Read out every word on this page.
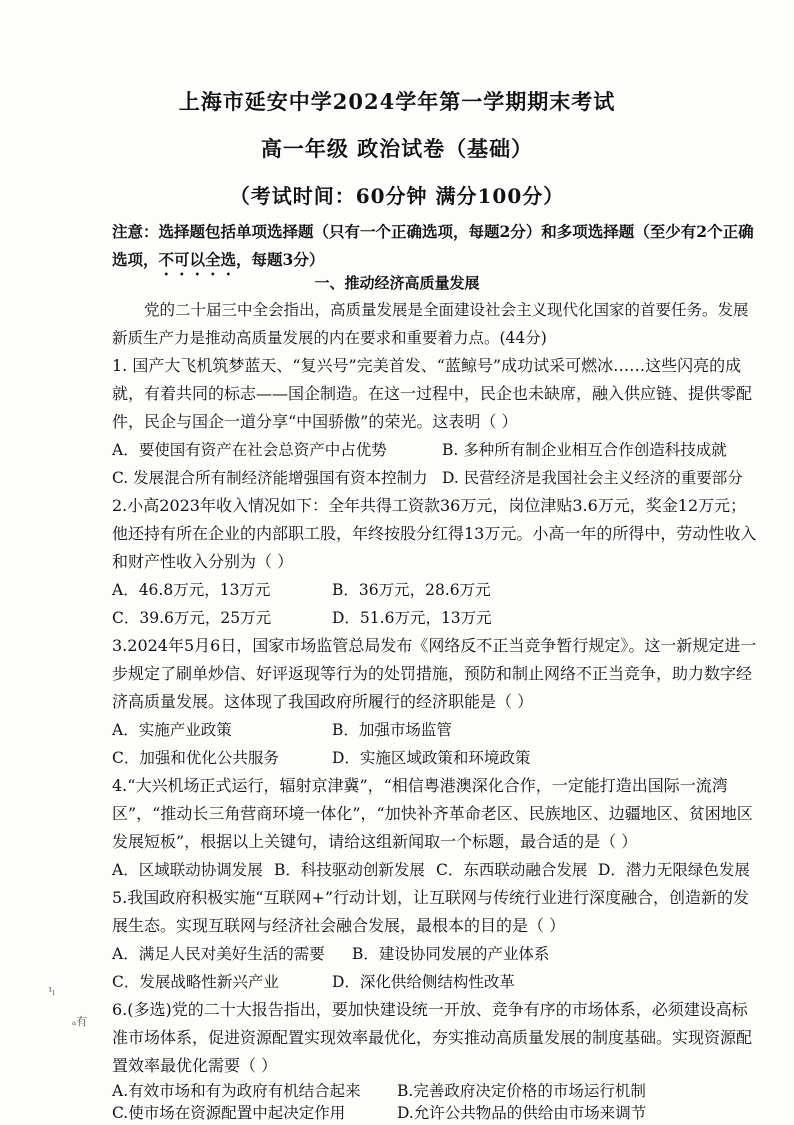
上海市延安中学2024学年第一学期期末考试
高一年级 政治试卷（基础）
（考试时间：60分钟 满分100分）
注意：选择题包括单项选择题（只有一个正确选项，每题2分）和多项选择题（至少有2个正确选项，不可以全选，每题3分）
一、推动经济高质量发展
党的二十届三中全会指出，高质量发展是全面建设社会主义现代化国家的首要任务。发展新质生产力是推动高质量发展的内在要求和重要着力点。(44分)
1. 国产大飞机筑梦蓝天、“复兴号”完美首发、“蓝鲸号”成功试采可燃冰……这些闪亮的成就，有着共同的标志——国企制造。在这一过程中，民企也未缺席，融入供应链、提供零配件，民企与国企一道分享“中国骄傲”的荣光。这表明（ ）
A．要使国有资产在社会总资产中占优势	B. 多种所有制企业相互合作创造科技成就
C. 发展混合所有制经济能增强国有资本控制力 D. 民营经济是我国社会主义经济的重要部分
2.小高2023年收入情况如下：全年共得工资款36万元，岗位津贴3.6万元，奖金12万元；他还持有所在企业的内部职工股，年终按股分红得13万元。小高一年的所得中，劳动性收入和财产性收入分别为（ ）
A．46.8万元，13万元	B．36万元，28.6万元
C．39.6万元，25万元	D．51.6万元，13万元
3.2024年5月6日，国家市场监管总局发布《网络反不正当竞争暂行规定》。这一新规定进一步规定了刷单炒信、好评返现等行为的处罚措施，预防和制止网络不正当竞争，助力数字经济高质量发展。这体现了我国政府所履行的经济职能是（ ）
A．实施产业政策	B．加强市场监管
C．加强和优化公共服务	D．实施区域政策和环境政策
4.“大兴机场正式运行，辐射京津冀”，“相信粤港澳深化合作，一定能打造出国际一流湾区”，“推动长三角营商环境一体化”，“加快补齐革命老区、民族地区、边疆地区、贫困地区发展短板”，根据以上关键句，请给这组新闻取一个标题，最合适的是（ ）
A．区域联动协调发展 B．科技驱动创新发展 C．东西联动融合发展 D．潜力无限绿色发展
5.我国政府积极实施“互联网+”行动计划，让互联网与传统行业进行深度融合，创造新的发展生态。实现互联网与经济社会融合发展，最根本的目的是（ ）
A．满足人民对美好生活的需要	B．建设协同发展的产业体系
C．发展战略性新兴产业	D．深化供给侧结构性改革
6.(多选)党的二十大报告指出，要加快建设统一开放、竞争有序的市场体系，必须建设高标准市场体系，促进资源配置实现效率最优化，夯实推动高质量发展的制度基础。实现资源配置效率最优化需要（ ）
A.有效市场和有为政府有机结合起来	B.完善政府决定价格的市场运行机制
C.使市场在资源配置中起决定作用	D.允许公共物品的供给由市场来调节
¹ₗ
ₐ有
